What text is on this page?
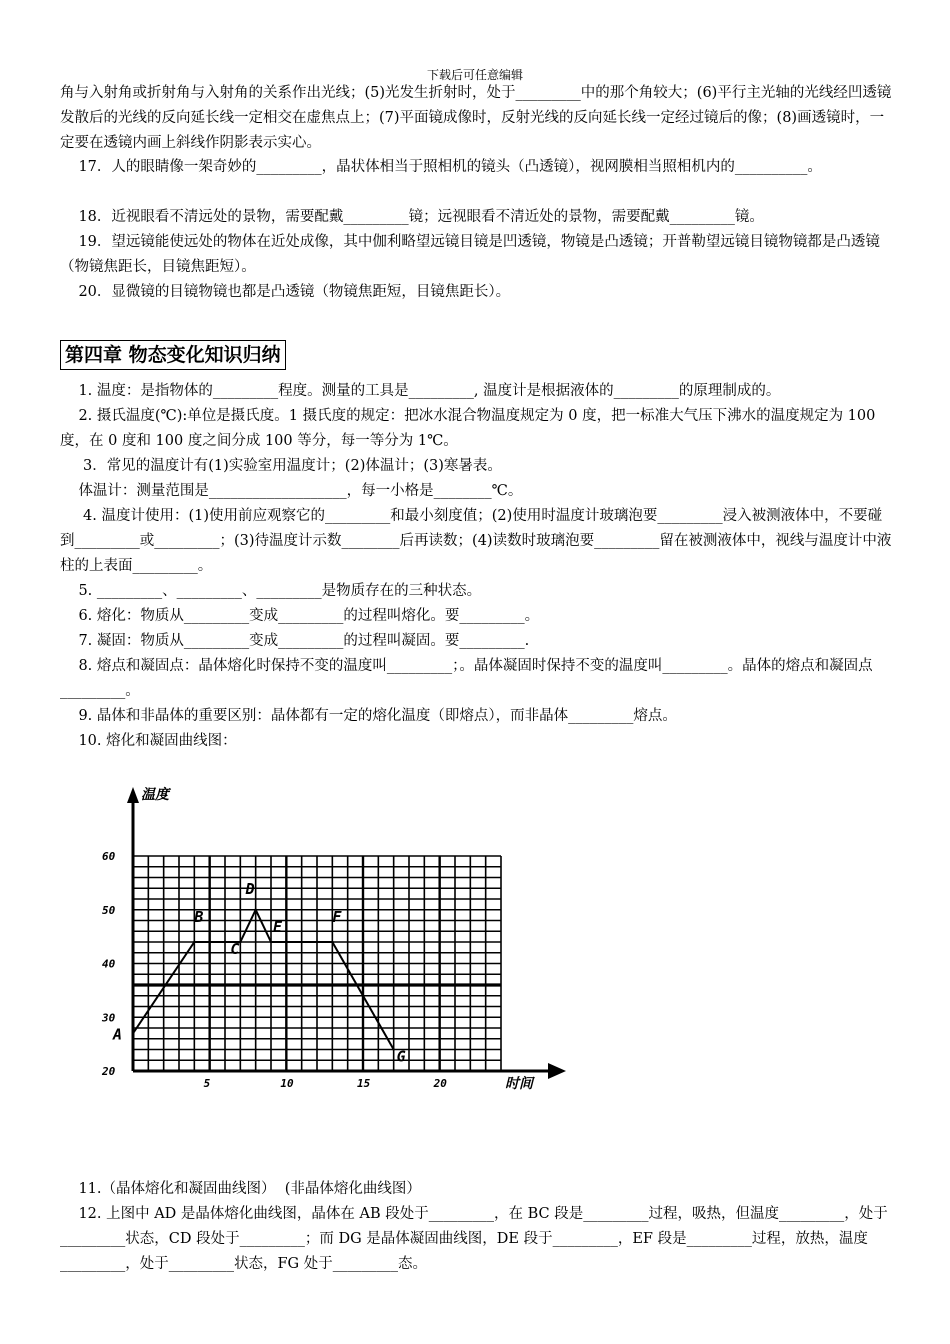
下载后可任意编辑

角与入射角或折射角与入射角的关系作出光线；(5)光发生折射时，处于_________中的那个角较大；(6)平行主光轴的光线经凹透镜发散后的光线的反向延长线一定相交在虚焦点上；(7)平面镜成像时，反射光线的反向延长线一定经过镜后的像；(8)画透镜时，一定要在透镜内画上斜线作阴影表示实心。

17．人的眼睛像一架奇妙的_________，晶状体相当于照相机的镜头（凸透镜），视网膜相当照相机内的__________。

18．近视眼看不清远处的景物，需要配戴_________镜；远视眼看不清近处的景物，需要配戴_________镜。

19．望远镜能使远处的物体在近处成像，其中伽利略望远镜目镜是凹透镜，物镜是凸透镜；开普勒望远镜目镜物镜都是凸透镜（物镜焦距长，目镜焦距短）。

20．显微镜的目镜物镜也都是凸透镜（物镜焦距短，目镜焦距长）。

第四章 物态变化知识归纳

1. 温度：是指物体的_________程度。测量的工具是_________, 温度计是根据液体的_________的原理制成的。

2. 摄氏温度(℃):单位是摄氏度。1 摄氏度的规定：把冰水混合物温度规定为 0 度，把一标准大气压下沸水的温度规定为 100 度，在 0 度和 100 度之间分成 100 等分，每一等分为 1℃。

3．常见的温度计有(1)实验室用温度计；(2)体温计；(3)寒暑表。

体温计：测量范围是___________________，每一小格是________℃。

4. 温度计使用：(1)使用前应观察它的_________和最小刻度值；(2)使用时温度计玻璃泡要_________浸入被测液体中，不要碰到_________或_________；(3)待温度计示数________后再读数；(4)读数时玻璃泡要_________留在被测液体中，视线与温度计中液柱的上表面_________。

5. _________、_________、_________是物质存在的三种状态。

6. 熔化：物质从_________变成_________的过程叫熔化。要_________。

7. 凝固：物质从_________变成_________的过程叫凝固。要_________.

8. 熔点和凝固点：晶体熔化时保持不变的温度叫_________；。晶体凝固时保持不变的温度叫_________。晶体的熔点和凝固点_________。

9. 晶体和非晶体的重要区别：晶体都有一定的熔化温度（即熔点），而非晶体_________熔点。

10. 熔化和凝固曲线图：

温度
时间
20
30
40
50
60
5	10	15	20
A
B
C
D
E
F
G

11.（晶体熔化和凝固曲线图）  (非晶体熔化曲线图）

12. 上图中 AD 是晶体熔化曲线图，晶体在 AB 段处于_________，在 BC 段是_________过程，吸热，但温度_________，处于_________状态，CD 段处于_________；而 DG 是晶体凝固曲线图，DE 段于_________，EF 段是_________过程，放热，温度_________，处于_________状态，FG 处于_________态。
